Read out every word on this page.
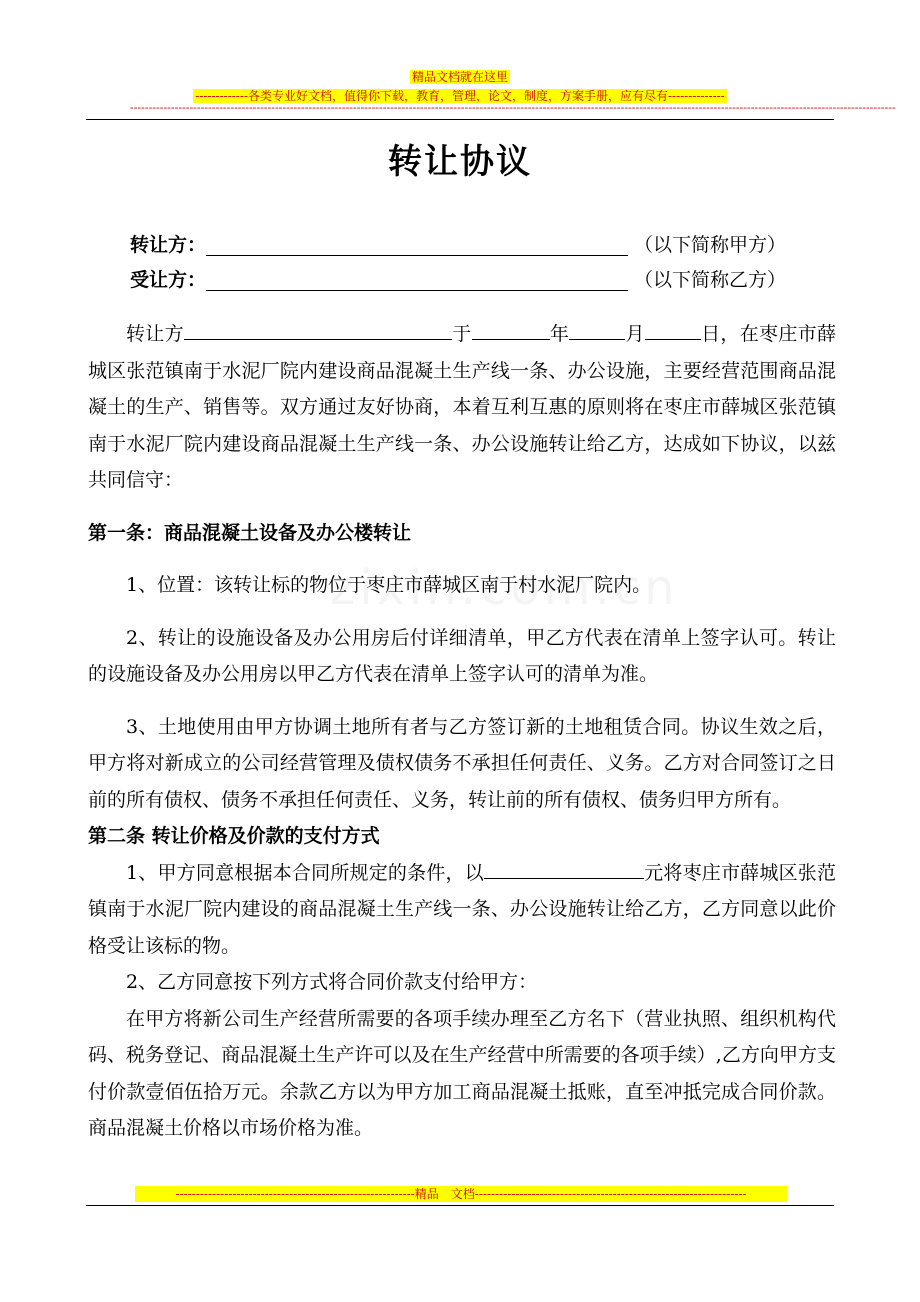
精品文档就在这里
-------------各类专业好文档，值得你下载，教育，管理，论文，制度，方案手册，应有尽有--------------
--------------------------------------------------------------------------------------------------------------------------------------------------------------------------------------------------------------
转让协议
转让方：	（以下简称甲方）
受让方：	（以下简称乙方）

转让方	于	年	月	日，在枣庄市薛城区张范镇南于水泥厂院内建设商品混凝土生产线一条、办公设施，主要经营范围商品混凝土的生产、销售等。双方通过友好协商，本着互利互惠的原则将在枣庄市薛城区张范镇南于水泥厂院内建设商品混凝土生产线一条、办公设施转让给乙方，达成如下协议，以兹共同信守：

第一条：商品混凝土设备及办公楼转让

1、位置：该转让标的物位于枣庄市薛城区南于村水泥厂院内。

2、转让的设施设备及办公用房后付详细清单，甲乙方代表在清单上签字认可。转让的设施设备及办公用房以甲乙方代表在清单上签字认可的清单为准。

3、土地使用由甲方协调土地所有者与乙方签订新的土地租赁合同。协议生效之后，甲方将对新成立的公司经营管理及债权债务不承担任何责任、义务。乙方对合同签订之日前的所有债权、债务不承担任何责任、义务，转让前的所有债权、债务归甲方所有。

第二条 转让价格及价款的支付方式

1、甲方同意根据本合同所规定的条件，以	元将枣庄市薛城区张范镇南于水泥厂院内建设的商品混凝土生产线一条、办公设施转让给乙方，乙方同意以此价格受让该标的物。

2、乙方同意按下列方式将合同价款支付给甲方：

在甲方将新公司生产经营所需要的各项手续办理至乙方名下（营业执照、组织机构代码、税务登记、商品混凝土生产许可以及在生产经营中所需要的各项手续）,乙方向甲方支付价款壹佰伍拾万元。余款乙方以为甲方加工商品混凝土抵账，直至冲抵完成合同价款。商品混凝土价格以市场价格为准。

-----------------------------------------------------------精品　文档-------------------------------------------------------------------
